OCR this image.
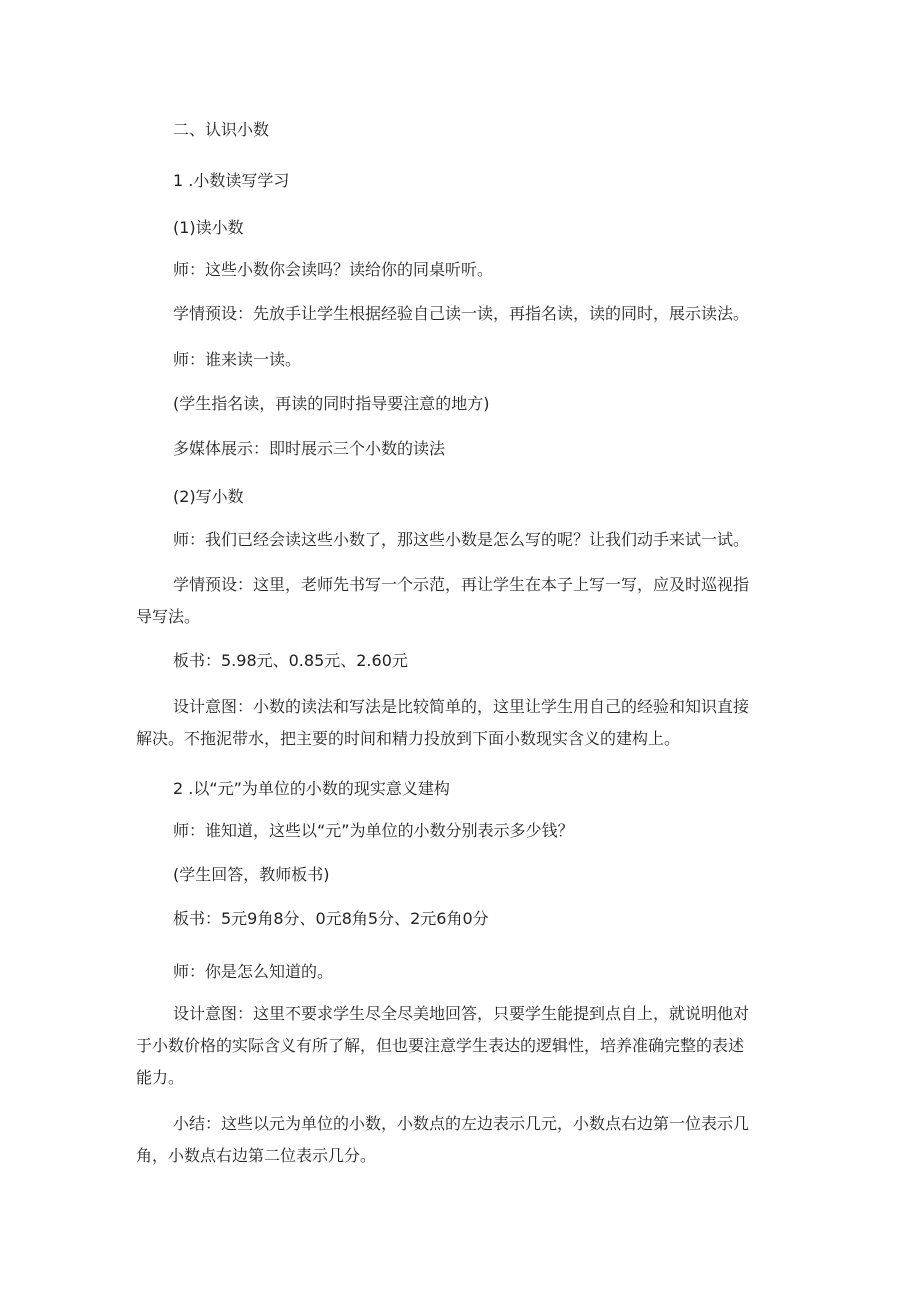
二、认识小数
1 .小数读写学习
(1)读小数
师：这些小数你会读吗？读给你的同桌听听。
学情预设：先放手让学生根据经验自己读一读，再指名读，读的同时，展示读法。
师：谁来读一读。
(学生指名读，再读的同时指导要注意的地方)
多媒体展示：即时展示三个小数的读法
(2)写小数
师：我们已经会读这些小数了，那这些小数是怎么写的呢？让我们动手来试一试。
学情预设：这里，老师先书写一个示范，再让学生在本子上写一写，应及时巡视指
导写法。
板书：5.98元、0.85元、2.60元
设计意图：小数的读法和写法是比较简单的，这里让学生用自己的经验和知识直接
解决。不拖泥带水，把主要的时间和精力投放到下面小数现实含义的建构上。
2 .以“元”为单位的小数的现实意义建构
师：谁知道，这些以“元”为单位的小数分别表示多少钱？
(学生回答，教师板书)
板书：5元9角8分、0元8角5分、2元6角0分
师：你是怎么知道的。
设计意图：这里不要求学生尽全尽美地回答，只要学生能提到点自上，就说明他对
于小数价格的实际含义有所了解，但也要注意学生表达的逻辑性，培养准确完整的表述
能力。
小结：这些以元为单位的小数，小数点的左边表示几元，小数点右边第一位表示几
角，小数点右边第二位表示几分。
